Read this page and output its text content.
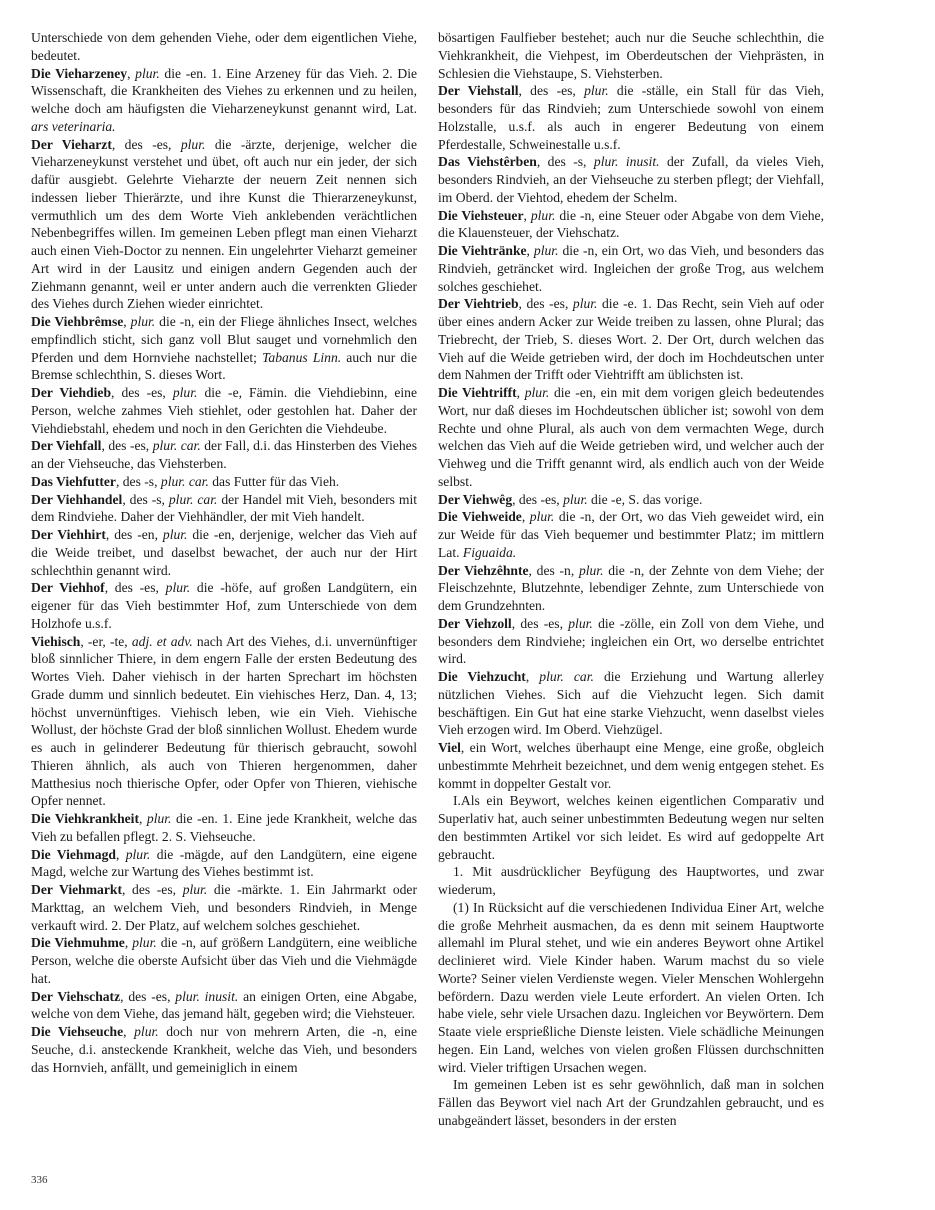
Unterschiede von dem gehenden Viehe, oder dem eigentlichen Viehe, bedeutet.

Die Vieharzeney, plur. die -en. 1. Eine Arzeney für das Vieh. 2. Die Wissenschaft, die Krankheiten des Viehes zu erkennen und zu heilen, welche doch am häufigsten die Vieharzeneykunst genannt wird, Lat. ars veterinaria.

Der Vieharzt, des -es, plur. die -ärzte, derjenige, welcher die Vieharzeneykunst verstehet und übet, oft auch nur ein jeder, der sich dafür ausgiebt. Gelehrte Vieharzte der neuern Zeit nennen sich indessen lieber Thierärzte, und ihre Kunst die Thierarzeneykunst, vermuthlich um des dem Worte Vieh anklebenden verächtlichen Nebenbegriffes willen. Im gemeinen Leben pflegt man einen Vieharzt auch einen Vieh-Doctor zu nennen. Ein ungelehrter Vieharzt gemeiner Art wird in der Lausitz und einigen andern Gegenden auch der Ziehmann genannt, weil er unter andern auch die verrenkten Glieder des Viehes durch Ziehen wieder einrichtet.

Die Viehbrêmse, plur. die -n, ein der Fliege ähnliches Insect, welches empfindlich sticht, sich ganz voll Blut sauget und vornehmlich den Pferden und dem Hornviehe nachstellet; Tabanus Linn. auch nur die Bremse schlechthin, S. dieses Wort.

Der Viehdieb, des -es, plur. die -e, Fämin. die Viehdiebinn, eine Person, welche zahmes Vieh stiehlet, oder gestohlen hat. Daher der Viehdiebstahl, ehedem und noch in den Gerichten die Viehdeube.

Der Viehfall, des -es, plur. car. der Fall, d.i. das Hinsterben des Viehes an der Viehseuche, das Viehsterben.

Das Viehfutter, des -s, plur. car. das Futter für das Vieh.

Der Viehhandel, des -s, plur. car. der Handel mit Vieh, besonders mit dem Rindviehe. Daher der Viehhändler, der mit Vieh handelt.

Der Viehhirt, des -en, plur. die -en, derjenige, welcher das Vieh auf die Weide treibet, und daselbst bewachet, der auch nur der Hirt schlechthin genannt wird.

Der Viehhof, des -es, plur. die -höfe, auf großen Landgütern, ein eigener für das Vieh bestimmter Hof, zum Unterschiede von dem Holzhofe u.s.f.

Viehisch, -er, -te, adj. et adv. nach Art des Viehes, d.i. unvernünftiger bloß sinnlicher Thiere, in dem engern Falle der ersten Bedeutung des Wortes Vieh. Daher viehisch in der harten Sprechart im höchsten Grade dumm und sinnlich bedeutet. Ein viehisches Herz, Dan. 4, 13; höchst unvernünftiges. Viehisch leben, wie ein Vieh. Viehische Wollust, der höchste Grad der bloß sinnlichen Wollust. Ehedem wurde es auch in gelinderer Bedeutung für thierisch gebraucht, sowohl Thieren ähnlich, als auch von Thieren hergenommen, daher Matthesius noch thierische Opfer, oder Opfer von Thieren, viehische Opfer nennet.

Die Viehkrankheit, plur. die -en. 1. Eine jede Krankheit, welche das Vieh zu befallen pflegt. 2. S. Viehseuche.

Die Viehmagd, plur. die -mägde, auf den Landgütern, eine eigene Magd, welche zur Wartung des Viehes bestimmt ist.

Der Viehmarkt, des -es, plur. die -märkte. 1. Ein Jahrmarkt oder Markttag, an welchem Vieh, und besonders Rindvieh, in Menge verkauft wird. 2. Der Platz, auf welchem solches geschiehet.

Die Viehmuhme, plur. die -n, auf größern Landgütern, eine weibliche Person, welche die oberste Aufsicht über das Vieh und die Viehmägde hat.

Der Viehschatz, des -es, plur. inusit. an einigen Orten, eine Abgabe, welche von dem Viehe, das jemand hält, gegeben wird; die Viehsteuer.

Die Viehseuche, plur. doch nur von mehrern Arten, die -n, eine Seuche, d.i. ansteckende Krankheit, welche das Vieh, und besonders das Hornvieh, anfällt, und gemeiniglich in einem

bösartigen Faulfieber bestehet; auch nur die Seuche schlechthin, die Viehkrankheit, die Viehpest, im Oberdeutschen der Viehprästen, in Schlesien die Viehstaupe, S. Viehsterben.

Der Viehstall, des -es, plur. die -ställe, ein Stall für das Vieh, besonders für das Rindvieh; zum Unterschiede sowohl von einem Holzstalle, u.s.f. als auch in engerer Bedeutung von einem Pferdestalle, Schweinestalle u.s.f.

Das Viehstêrben, des -s, plur. inusit. der Zufall, da vieles Vieh, besonders Rindvieh, an der Viehseuche zu sterben pflegt; der Viehfall, im Oberd. der Viehtod, ehedem der Schelm.

Die Viehsteuer, plur. die -n, eine Steuer oder Abgabe von dem Viehe, die Klauensteuer, der Viehschatz.

Die Viehtränke, plur. die -n, ein Ort, wo das Vieh, und besonders das Rindvieh, geträncket wird. Ingleichen der große Trog, aus welchem solches geschiehet.

Der Viehtrieb, des -es, plur. die -e. 1. Das Recht, sein Vieh auf oder über eines andern Acker zur Weide treiben zu lassen, ohne Plural; das Triebrecht, der Trieb, S. dieses Wort. 2. Der Ort, durch welchen das Vieh auf die Weide getrieben wird, der doch im Hochdeutschen unter dem Nahmen der Trifft oder Viehtrifft am üblichsten ist.

Die Viehtrifft, plur. die -en, ein mit dem vorigen gleich bedeutendes Wort, nur daß dieses im Hochdeutschen üblicher ist; sowohl von dem Rechte und ohne Plural, als auch von dem vermachten Wege, durch welchen das Vieh auf die Weide getrieben wird, und welcher auch der Viehweg und die Trifft genannt wird, als endlich auch von der Weide selbst.

Der Viehwêg, des -es, plur. die -e, S. das vorige.

Die Viehweide, plur. die -n, der Ort, wo das Vieh geweidet wird, ein zur Weide für das Vieh bequemer und bestimmter Platz; im mittlern Lat. Figuaida.

Der Viehzêhnte, des -n, plur. die -n, der Zehnte von dem Viehe; der Fleischzehnte, Blutzehnte, lebendiger Zehnte, zum Unterschiede von dem Grundzehnten.

Der Viehzoll, des -es, plur. die -zölle, ein Zoll von dem Viehe, und besonders dem Rindviehe; ingleichen ein Ort, wo derselbe entrichtet wird.

Die Viehzucht, plur. car. die Erziehung und Wartung allerley nützlichen Viehes. Sich auf die Viehzucht legen. Sich damit beschäftigen. Ein Gut hat eine starke Viehzucht, wenn daselbst vieles Vieh erzogen wird. Im Oberd. Viehzügel.

Viel, ein Wort, welches überhaupt eine Menge, eine große, obgleich unbestimmte Mehrheit bezeichnet, und dem wenig entgegen stehet. Es kommt in doppelter Gestalt vor.

I.Als ein Beywort, welches keinen eigentlichen Comparativ und Superlativ hat, auch seiner unbestimmten Bedeutung wegen nur selten den bestimmten Artikel vor sich leidet. Es wird auf gedoppelte Art gebraucht.

1. Mit ausdrücklicher Beyfügung des Hauptwortes, und zwar wiederum,

(1) In Rücksicht auf die verschiedenen Individua Einer Art, welche die große Mehrheit ausmachen, da es denn mit seinem Hauptworte allemahl im Plural stehet, und wie ein anderes Beywort ohne Artikel declinieret wird. Viele Kinder haben. Warum machst du so viele Worte? Seiner vielen Verdienste wegen. Vieler Menschen Wohlergehn befördern. Dazu werden viele Leute erfordert. An vielen Orten. Ich habe viele, sehr viele Ursachen dazu. Ingleichen vor Beywörtern. Dem Staate viele ersprießliche Dienste leisten. Viele schädliche Meinungen hegen. Ein Land, welches von vielen großen Flüssen durchschnitten wird. Vieler triftigen Ursachen wegen.

Im gemeinen Leben ist es sehr gewöhnlich, daß man in solchen Fällen das Beywort viel nach Art der Grundzahlen gebraucht, und es unabgeändert lässet, besonders in der ersten

336
